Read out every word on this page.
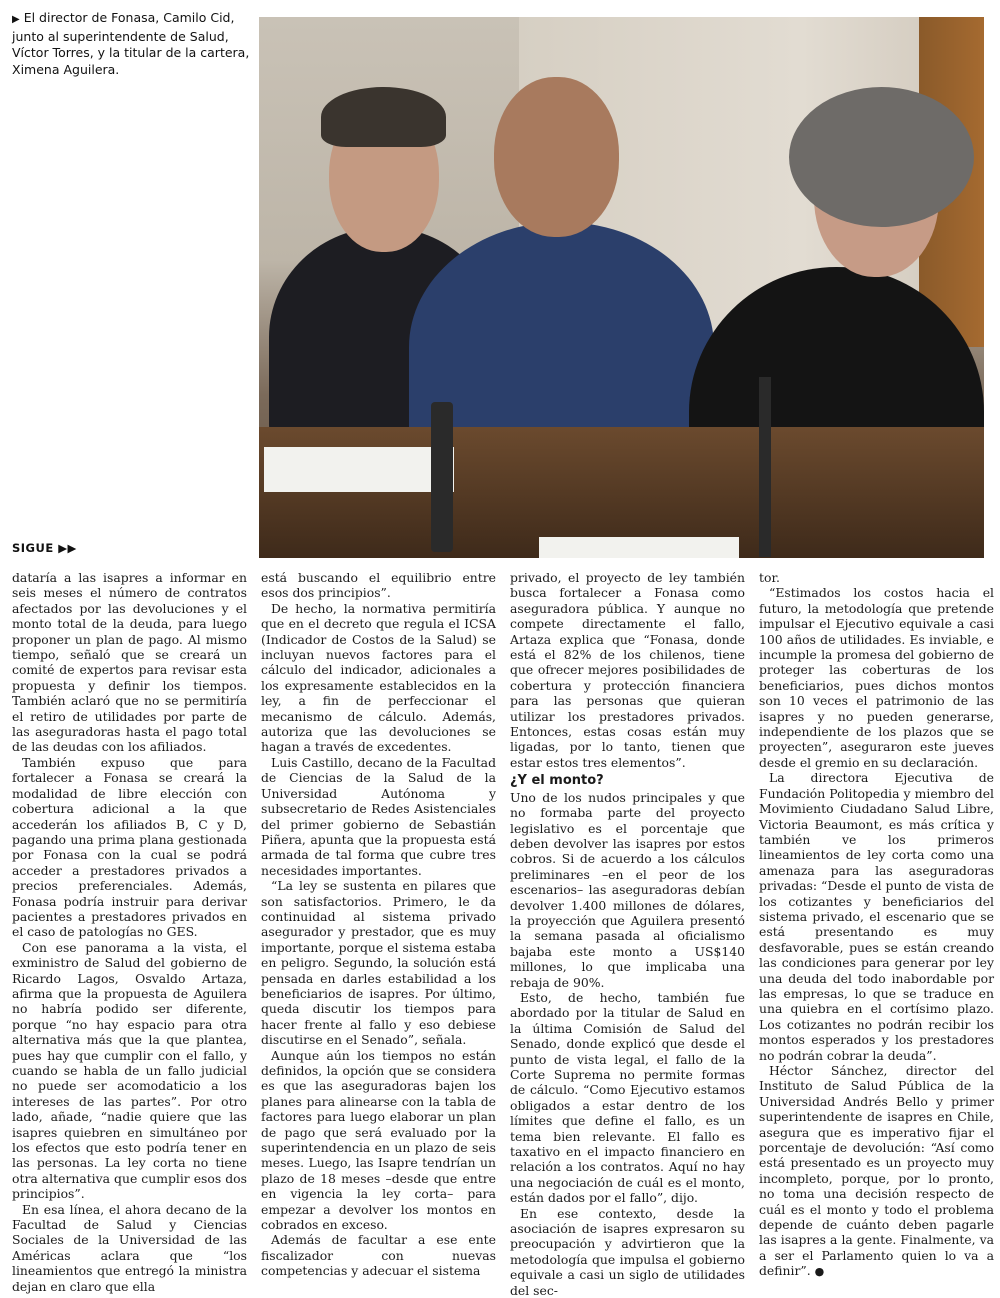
▶ El director de Fonasa, Camilo Cid, junto al superintendente de Salud, Víctor Torres, y la titular de la cartera, Ximena Aguilera.
SIGUE ▶▶

dataría a las isapres a informar en seis meses el número de contratos afectados por las devoluciones y el monto total de la deuda, para luego proponer un plan de pago. Al mismo tiempo, señaló que se creará un comité de expertos para revisar esta propuesta y definir los tiempos. También aclaró que no se permitiría el retiro de utilidades por parte de las aseguradoras hasta el pago total de las deudas con los afiliados.

También expuso que para fortalecer a Fonasa se creará la modalidad de libre elección con cobertura adicional a la que accederán los afiliados B, C y D, pagando una prima plana gestionada por Fonasa con la cual se podrá acceder a prestadores privados a precios preferenciales. Además, Fonasa podría instruir para derivar pacientes a prestadores privados en el caso de patologías no GES.

Con ese panorama a la vista, el exministro de Salud del gobierno de Ricardo Lagos, Osvaldo Artaza, afirma que la propuesta de Aguilera no habría podido ser diferente, porque “no hay espacio para otra alternativa más que la que plantea, pues hay que cumplir con el fallo, y cuando se habla de un fallo judicial no puede ser acomodaticio a los intereses de las partes”. Por otro lado, añade, “nadie quiere que las isapres quiebren en simultáneo por los efectos que esto podría tener en las personas. La ley corta no tiene otra alternativa que cumplir esos dos principios”.

En esa línea, el ahora decano de la Facultad de Salud y Ciencias Sociales de la Universidad de las Américas aclara que “los lineamientos que entregó la ministra dejan en claro que ella

está buscando el equilibrio entre esos dos principios”.

De hecho, la normativa permitiría que en el decreto que regula el ICSA (Indicador de Costos de la Salud) se incluyan nuevos factores para el cálculo del indicador, adicionales a los expresamente establecidos en la ley, a fin de perfeccionar el mecanismo de cálculo. Además, autoriza que las devoluciones se hagan a través de excedentes.

Luis Castillo, decano de la Facultad de Ciencias de la Salud de la Universidad Autónoma y subsecretario de Redes Asistenciales del primer gobierno de Sebastián Piñera, apunta que la propuesta está armada de tal forma que cubre tres necesidades importantes.

“La ley se sustenta en pilares que son satisfactorios. Primero, le da continuidad al sistema privado asegurador y prestador, que es muy importante, porque el sistema estaba en peligro. Segundo, la solución está pensada en darles estabilidad a los beneficiarios de isapres. Por último, queda discutir los tiempos para hacer frente al fallo y eso debiese discutirse en el Senado”, señala.

Aunque aún los tiempos no están definidos, la opción que se considera es que las aseguradoras bajen los planes para alinearse con la tabla de factores para luego elaborar un plan de pago que será evaluado por la superintendencia en un plazo de seis meses. Luego, las Isapre tendrían un plazo de 18 meses –desde que entre en vigencia la ley corta– para empezar a devolver los montos en cobrados en exceso.

Además de facultar a ese ente fiscalizador con nuevas competencias y adecuar el sistema

privado, el proyecto de ley también busca fortalecer a Fonasa como aseguradora pública. Y aunque no compete directamente el fallo, Artaza explica que “Fonasa, donde está el 82% de los chilenos, tiene que ofrecer mejores posibilidades de cobertura y protección financiera para las personas que quieran utilizar los prestadores privados. Entonces, estas cosas están muy ligadas, por lo tanto, tienen que estar estos tres elementos”.

¿Y el monto?

Uno de los nudos principales y que no formaba parte del proyecto legislativo es el porcentaje que deben devolver las isapres por estos cobros. Si de acuerdo a los cálculos preliminares –en el peor de los escenarios– las aseguradoras debían devolver 1.400 millones de dólares, la proyección que Aguilera presentó la semana pasada al oficialismo bajaba este monto a US$140 millones, lo que implicaba una rebaja de 90%.

Esto, de hecho, también fue abordado por la titular de Salud en la última Comisión de Salud del Senado, donde explicó que desde el punto de vista legal, el fallo de la Corte Suprema no permite formas de cálculo. “Como Ejecutivo estamos obligados a estar dentro de los límites que define el fallo, es un tema bien relevante. El fallo es taxativo en el impacto financiero en relación a los contratos. Aquí no hay una negociación de cuál es el monto, están dados por el fallo”, dijo.

En ese contexto, desde la asociación de isapres expresaron su preocupación y advirtieron que la metodología que impulsa el gobierno equivale a casi un siglo de utilidades del sec-

tor.

“Estimados los costos hacia el futuro, la metodología que pretende impulsar el Ejecutivo equivale a casi 100 años de utilidades. Es inviable, e incumple la promesa del gobierno de proteger las coberturas de los beneficiarios, pues dichos montos son 10 veces el patrimonio de las isapres y no pueden generarse, independiente de los plazos que se proyecten”, aseguraron este jueves desde el gremio en su declaración.

La directora Ejecutiva de Fundación Politopedia y miembro del Movimiento Ciudadano Salud Libre, Victoria Beaumont, es más crítica y también ve los primeros lineamientos de ley corta como una amenaza para las aseguradoras privadas: “Desde el punto de vista de los cotizantes y beneficiarios del sistema privado, el escenario que se está presentando es muy desfavorable, pues se están creando las condiciones para generar por ley una deuda del todo inabordable por las empresas, lo que se traduce en una quiebra en el cortísimo plazo. Los cotizantes no podrán recibir los montos esperados y los prestadores no podrán cobrar la deuda”.

Héctor Sánchez, director del Instituto de Salud Pública de la Universidad Andrés Bello y primer superintendente de isapres en Chile, asegura que es imperativo fijar el porcentaje de devolución: “Así como está presentado es un proyecto muy incompleto, porque, por lo pronto, no toma una decisión respecto de cuál es el monto y todo el problema depende de cuánto deben pagarle las isapres a la gente. Finalmente, va a ser el Parlamento quien lo va a definir”. ●
